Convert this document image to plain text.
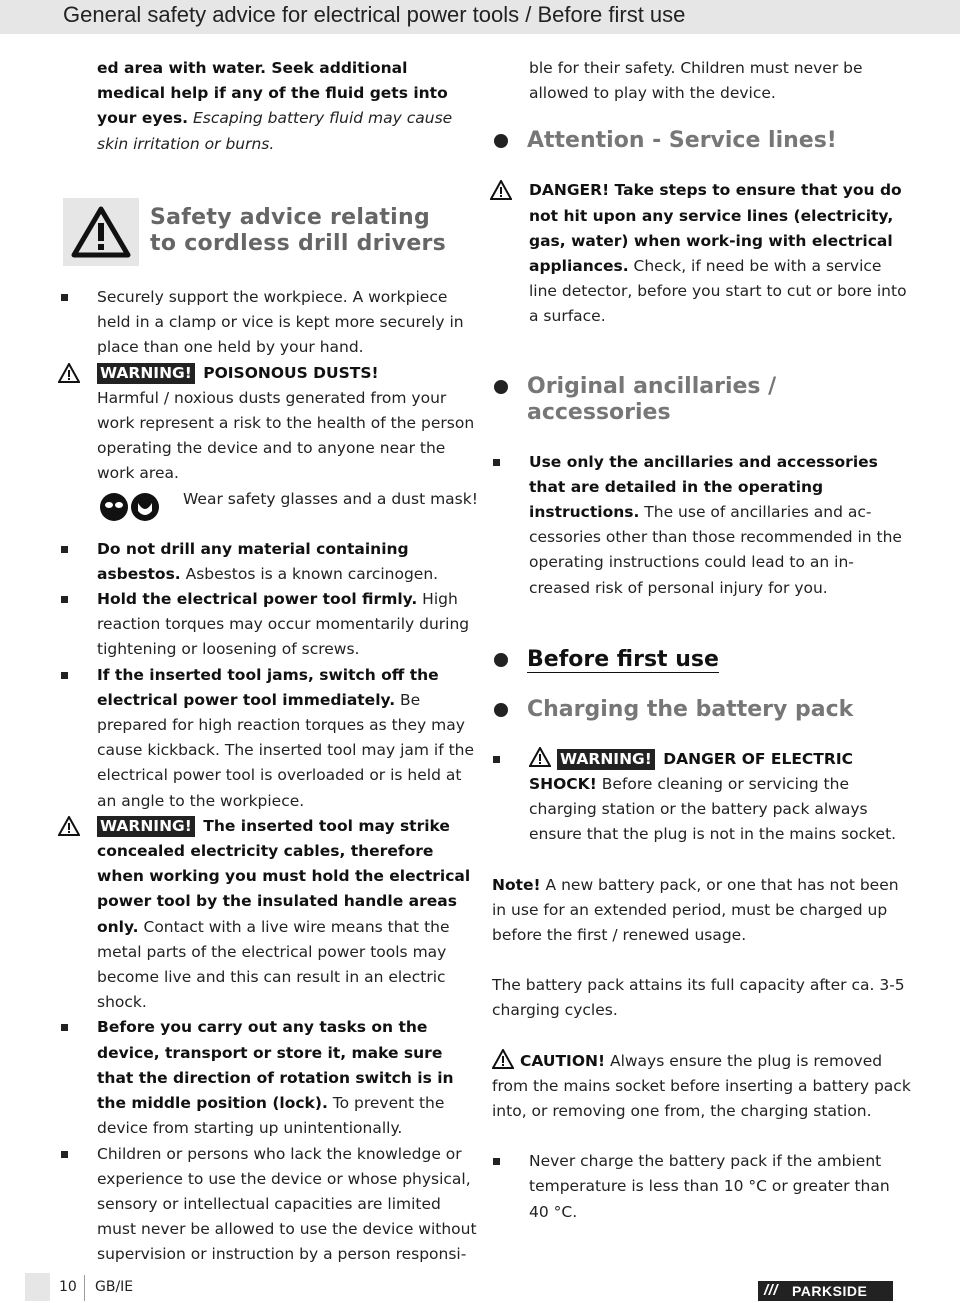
General safety advice for electrical power tools / Before first use

ed area with water. Seek additional medical help if any of the fluid gets into your eyes. Escaping battery fluid may cause skin irritation or burns.

Safety advice relating
to cordless drill drivers

Securely support the workpiece. A workpiece held in a clamp or vice is kept more securely in place than one held by your hand.

WARNING! POISONOUS DUSTS!
Harmful / noxious dusts generated from your work represent a risk to the health of the person operating the device and to anyone near the work area.

Wear safety glasses and a dust mask!

Do not drill any material containing asbestos. Asbestos is a known carcinogen.

Hold the electrical power tool firmly. High reaction torques may occur momentarily during tightening or loosening of screws.

If the inserted tool jams, switch off the electrical power tool immediately. Be prepared for high reaction torques as they may cause kickback. The inserted tool may jam if the electrical power tool is overloaded or is held at an angle to the workpiece.

WARNING! The inserted tool may strike concealed electricity cables, therefore when working you must hold the electrical power tool by the insulated handle areas only. Contact with a live wire means that the metal parts of the electrical power tools may become live and this can result in an electric shock.

Before you carry out any tasks on the device, transport or store it, make sure that the direction of rotation switch is in the middle position (lock). To prevent the device from starting up unintentionally.

Children or persons who lack the knowledge or experience to use the device or whose physical, sensory or intellectual capacities are limited must never be allowed to use the device without supervision or instruction by a person responsi-

ble for their safety. Children must never be allowed to play with the device.

Attention - Service lines!

DANGER! Take steps to ensure that you do not hit upon any service lines (electricity, gas, water) when work-ing with electrical appliances. Check, if need be with a service line detector, before you start to cut or bore into a surface.

Original ancillaries / accessories

Use only the ancillaries and accessories that are detailed in the operating instructions. The use of ancillaries and ac-cessories other than those recommended in the operating instructions could lead to an in-creased risk of personal injury for you.

Before first use
Charging the battery pack

WARNING! DANGER OF ELECTRIC SHOCK! Before cleaning or servicing the charging station or the battery pack always ensure that the plug is not in the mains socket.

Note! A new battery pack, or one that has not been in use for an extended period, must be charged up before the first / renewed usage.

The battery pack attains its full capacity after ca. 3-5 charging cycles.

CAUTION! Always ensure the plug is removed from the mains socket before inserting a battery pack into, or removing one from, the charging station.

Never charge the battery pack if the ambient temperature is less than 10 °C or greater than 40 °C.

10 GB/IE	/// PARKSIDE
